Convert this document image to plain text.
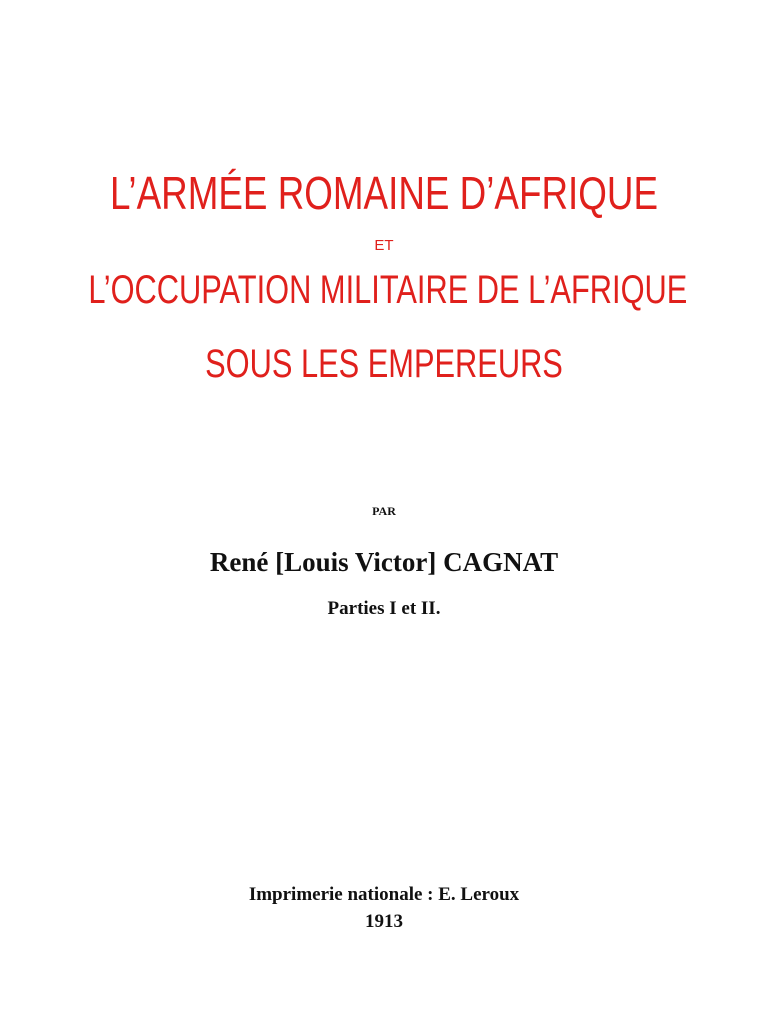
L’ARMÉE ROMAINE D’AFRIQUE
ET
L’OCCUPATION MILITAIRE DE L’AFRIQUE
SOUS LES EMPEREURS
PAR
René [Louis Victor] CAGNAT
Parties I et II.
Imprimerie nationale : E. Leroux
1913
